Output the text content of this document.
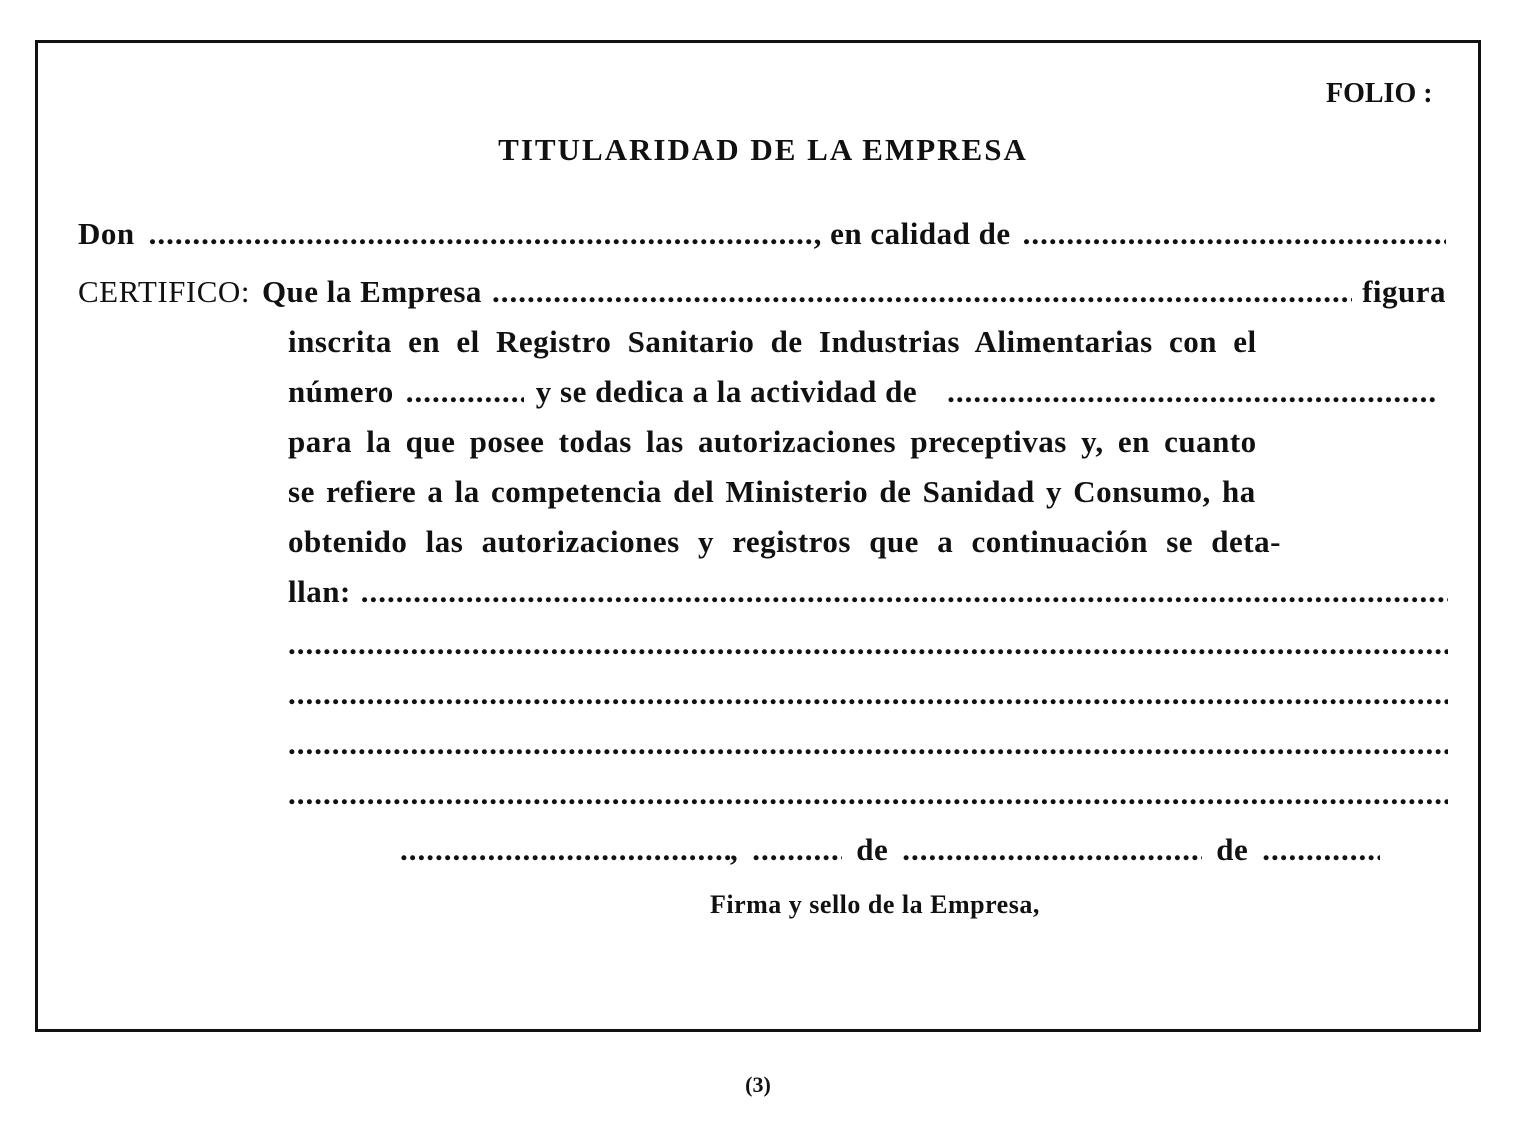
FOLIO :
TITULARIDAD DE LA EMPRESA
Don .....	, en calidad de
.....
CERTIFICO: Que la Empresa .....	figura
inscrita en el Registro Sanitario de Industrias Alimentarias con el
número .....	y se dedica a la actividad de
.....
para la que posee todas las autorizaciones preceptivas y, en cuanto
se refiere a la competencia del Ministerio de Sanidad y Consumo, ha
obtenido las autorizaciones y registros que a continuación se deta-
llan:
.....
.....
.....
.....
.....
.....
, .....	de .....	de
.....
Firma y sello de la Empresa,
(3)
